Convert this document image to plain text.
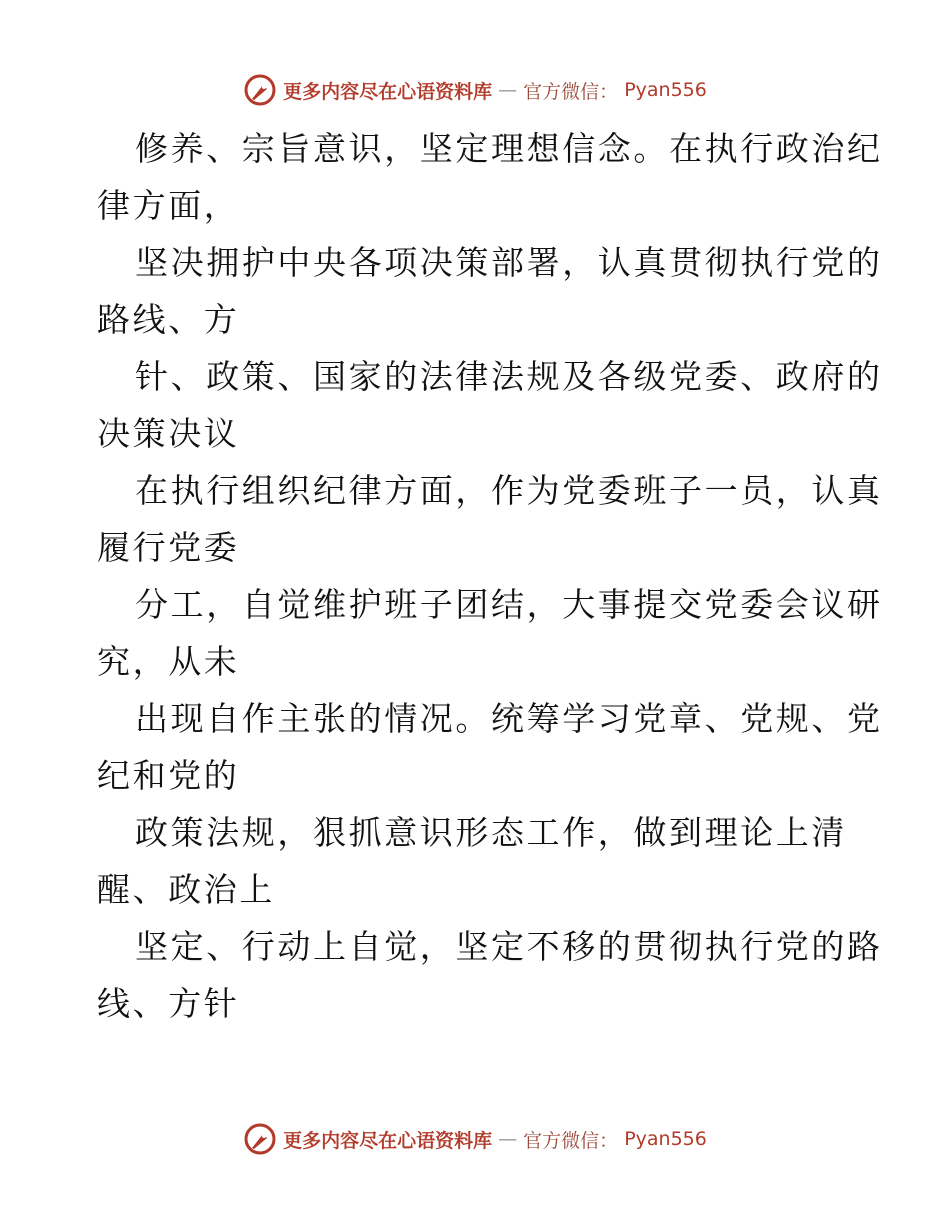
更多内容尽在心语资料库 — 官方微信： Pyan556

修养、宗旨意识，坚定理想信念。在执行政治纪
律方面，

坚决拥护中央各项决策部署，认真贯彻执行党的
路线、方

针、政策、国家的法律法规及各级党委、政府的
决策决议

在执行组织纪律方面，作为党委班子一员，认真
履行党委

分工，自觉维护班子团结，大事提交党委会议研
究，从未

出现自作主张的情况。统筹学习党章、党规、党
纪和党的

政策法规，狠抓意识形态工作，做到理论上清
醒、政治上

坚定、行动上自觉，坚定不移的贯彻执行党的路
线、方针

更多内容尽在心语资料库 — 官方微信： Pyan556
